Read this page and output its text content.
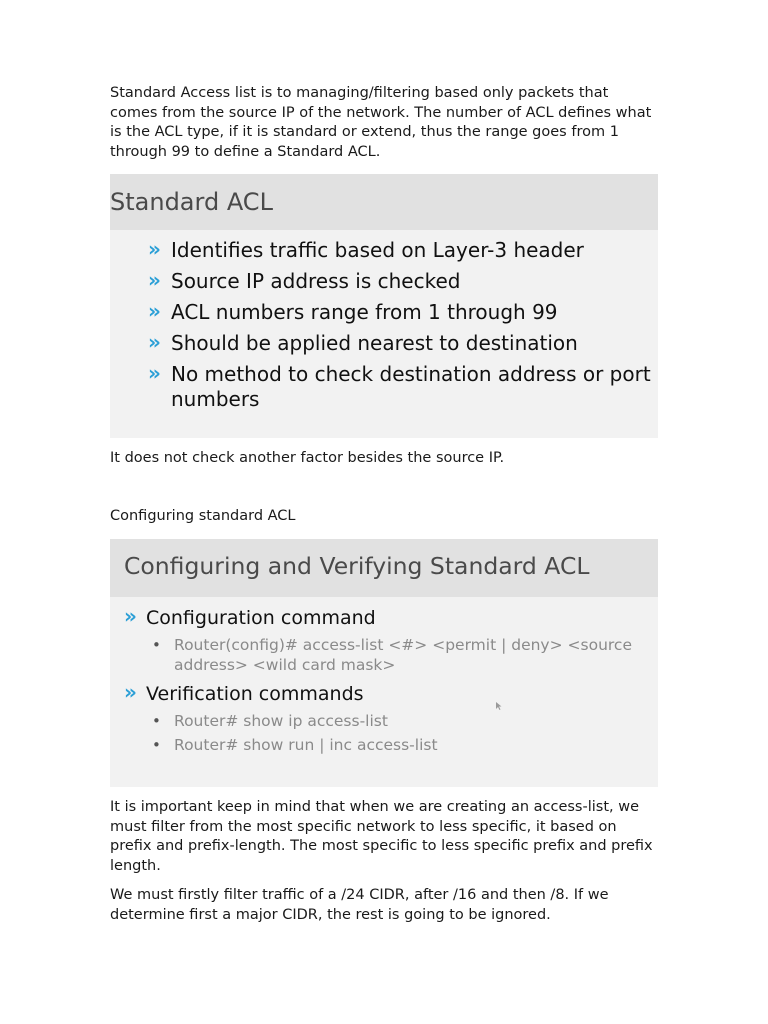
Standard Access list is to managing/filtering based only packets that comes from the source IP of the network. The number of ACL defines what is the ACL type, if it is standard or extend, thus the range goes from 1 through 99 to define a Standard ACL.

Standard ACL
» Identifies traffic based on Layer-3 header
» Source IP address is checked
» ACL numbers range from 1 through 99
» Should be applied nearest to destination
» No method to check destination address or port numbers

It does not check another factor besides the source IP.

Configuring standard ACL

Configuring and Verifying Standard ACL
» Configuration command
• Router(config)# access-list <#> <permit | deny> <source address> <wild card mask>
» Verification commands
• Router# show ip access-list
• Router# show run | inc access-list

It is important keep in mind that when we are creating an access-list, we must filter from the most specific network to less specific, it based on prefix and prefix-length. The most specific to less specific prefix and prefix length.

We must firstly filter traffic of a /24 CIDR, after /16 and then /8. If we determine first a major CIDR, the rest is going to be ignored.
